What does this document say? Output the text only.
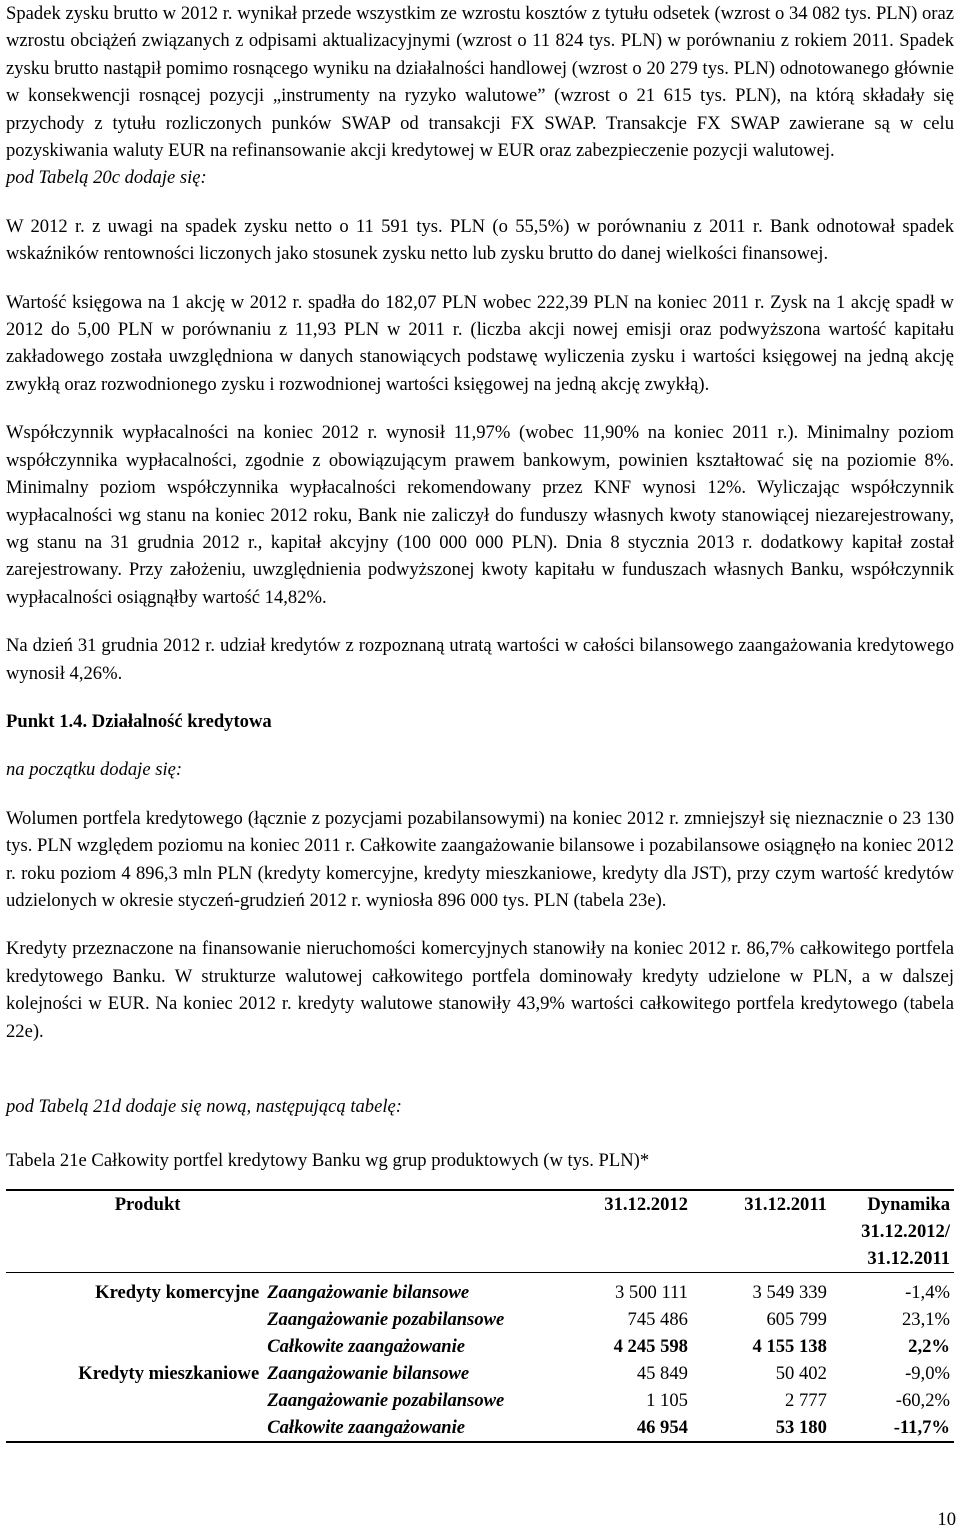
Spadek zysku brutto w 2012 r. wynikał przede wszystkim ze wzrostu kosztów z tytułu odsetek (wzrost o 34 082 tys. PLN) oraz wzrostu obciążeń związanych z odpisami aktualizacyjnymi (wzrost o 11 824 tys. PLN) w porównaniu z rokiem 2011. Spadek zysku brutto nastąpił pomimo rosnącego wyniku na działalności handlowej (wzrost o 20 279 tys. PLN) odnotowanego głównie w konsekwencji rosnącej pozycji „instrumenty na ryzyko walutowe” (wzrost o 21 615 tys. PLN), na którą składały się przychody z tytułu rozliczonych punków SWAP od transakcji FX SWAP. Transakcje FX SWAP zawierane są w celu pozyskiwania waluty EUR na refinansowanie akcji kredytowej w EUR oraz zabezpieczenie pozycji walutowej.

pod Tabelą 20c dodaje się:

W 2012 r. z uwagi na spadek zysku netto o 11 591 tys. PLN (o 55,5%) w porównaniu z 2011 r. Bank odnotował spadek wskaźników rentowności liczonych jako stosunek zysku netto lub zysku brutto do danej wielkości finansowej.

Wartość księgowa na 1 akcję w 2012 r. spadła do 182,07 PLN wobec 222,39 PLN na koniec 2011 r. Zysk na 1 akcję spadł w 2012 do 5,00 PLN w porównaniu z 11,93 PLN w 2011 r. (liczba akcji nowej emisji oraz podwyższona wartość kapitału zakładowego została uwzględniona w danych stanowiących podstawę wyliczenia zysku i wartości księgowej na jedną akcję zwykłą oraz rozwodnionego zysku i rozwodnionej wartości księgowej na jedną akcję zwykłą).

Współczynnik wypłacalności na koniec 2012 r. wynosił 11,97% (wobec 11,90% na koniec 2011 r.). Minimalny poziom współczynnika wypłacalności, zgodnie z obowiązującym prawem bankowym, powinien kształtować się na poziomie 8%. Minimalny poziom współczynnika wypłacalności rekomendowany przez KNF wynosi 12%. Wyliczając współczynnik wypłacalności wg stanu na koniec 2012 roku, Bank nie zaliczył do funduszy własnych kwoty stanowiącej niezarejestrowany, wg stanu na 31 grudnia 2012 r., kapitał akcyjny (100 000 000 PLN). Dnia 8 stycznia 2013 r. dodatkowy kapitał został zarejestrowany. Przy założeniu, uwzględnienia podwyższonej kwoty kapitału w funduszach własnych Banku, współczynnik wypłacalności osiągnąłby wartość 14,82%.

Na dzień 31 grudnia 2012 r. udział kredytów z rozpoznaną utratą wartości w całości bilansowego zaangażowania kredytowego wynosił 4,26%.

Punkt 1.4. Działalność kredytowa

na początku dodaje się:

Wolumen portfela kredytowego (łącznie z pozycjami pozabilansowymi) na koniec 2012 r. zmniejszył się nieznacznie o 23 130 tys. PLN względem poziomu na koniec 2011 r. Całkowite zaangażowanie bilansowe i pozabilansowe osiągnęło na koniec 2012 r. roku poziom 4 896,3 mln PLN (kredyty komercyjne, kredyty mieszkaniowe, kredyty dla JST), przy czym wartość kredytów udzielonych w okresie styczeń-grudzień 2012 r. wyniosła 896 000 tys. PLN (tabela 23e).

Kredyty przeznaczone na finansowanie nieruchomości komercyjnych stanowiły na koniec 2012 r. 86,7% całkowitego portfela kredytowego Banku. W strukturze walutowej całkowitego portfela dominowały kredyty udzielone w PLN, a w dalszej kolejności w EUR. Na koniec 2012 r. kredyty walutowe stanowiły 43,9% wartości całkowitego portfela kredytowego (tabela 22e).

pod Tabelą 21d dodaje się nową, następującą tabelę:

Tabela 21e Całkowity portfel kredytowy Banku wg grup produktowych (w tys. PLN)*

Produkt		31.12.2012	31.12.2011	Dynamika
31.12.2012/
31.12.2011

Kredyty komercyjne	Zaangażowanie bilansowe	3 500 111	3 549 339	-1,4%
	Zaangażowanie pozabilansowe	745 486	605 799	23,1%
	Całkowite zaangażowanie	4 245 598	4 155 138	2,2%
Kredyty mieszkaniowe	Zaangażowanie bilansowe	45 849	50 402	-9,0%
	Zaangażowanie pozabilansowe	1 105	2 777	-60,2%
	Całkowite zaangażowanie	46 954	53 180	-11,7%
10
